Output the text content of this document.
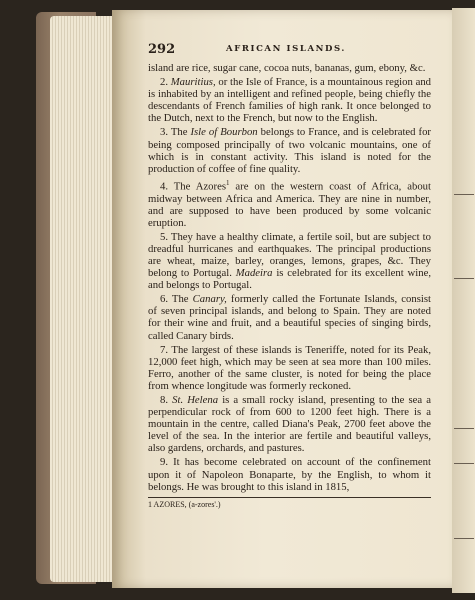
292	AFRICAN ISLANDS.

island are rice, sugar cane, cocoa nuts, bananas, gum, ebony, &c.

2. Mauritius, or the Isle of France, is a mountainous region and is inhabited by an intelligent and refined people, being chiefly the descendants of French families of high rank. It once belonged to the Dutch, next to the French, but now to the English.

3. The Isle of Bourbon belongs to France, and is celebrated for being composed principally of two volcanic mountains, one of which is in constant activity. This island is noted for the production of coffee of fine quality.

4. The Azores$^1$ are on the western coast of Africa, about midway between Africa and America. They are nine in number, and are supposed to have been produced by some volcanic eruption.

5. They have a healthy climate, a fertile soil, but are subject to dreadful hurricanes and earthquakes. The principal productions are wheat, maize, barley, oranges, lemons, grapes, &c. They belong to Portugal. Madeira is celebrated for its excellent wine, and belongs to Portugal.

6. The Canary, formerly called the Fortunate Islands, consist of seven principal islands, and belong to Spain. They are noted for their wine and fruit, and a beautiful species of singing birds, called Canary birds.

7. The largest of these islands is Teneriffe, noted for its Peak, 12,000 feet high, which may be seen at sea more than 100 miles. Ferro, another of the same cluster, is noted for being the place from whence longitude was formerly reckoned.

8. St. Helena is a small rocky island, presenting to the sea a perpendicular rock of from 600 to 1200 feet high. There is a mountain in the centre, called Diana's Peak, 2700 feet above the level of the sea. In the interior are fertile and beautiful valleys, also gardens, orchards, and pastures.

9. It has become celebrated on account of the confinement upon it of Napoleon Bonaparte, by the English, to whom it belongs. He was brought to this island in 1815,

1 AZORES, (a-zores'.)
